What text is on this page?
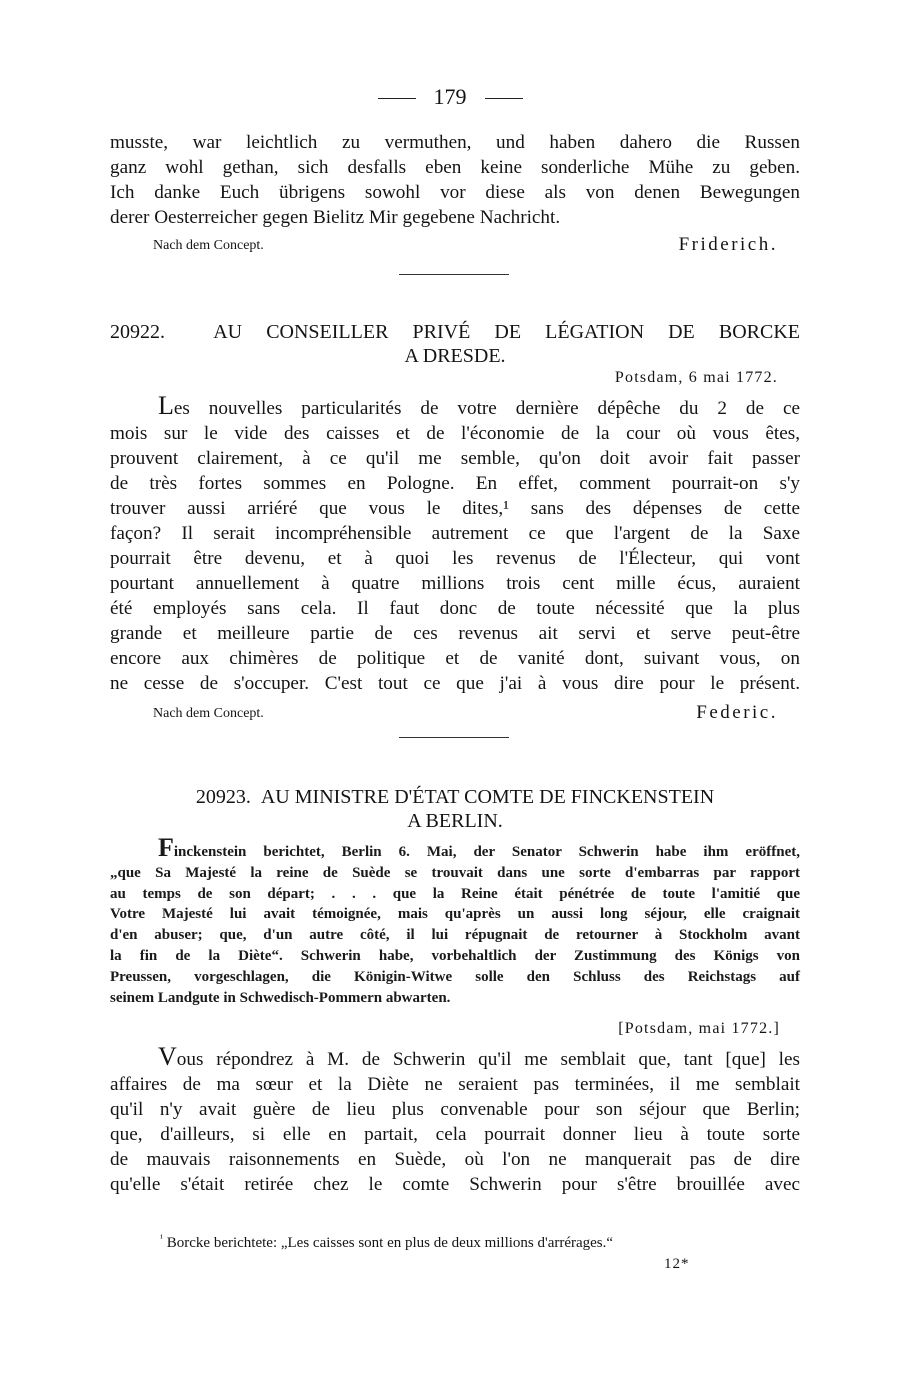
179
musste, war leichtlich zu vermuthen, und haben dahero die Russen
ganz wohl gethan, sich desfalls eben keine sonderliche Mühe zu geben.
Ich danke Euch übrigens sowohl vor diese als von denen Bewegungen
derer Oesterreicher gegen Bielitz Mir gegebene Nachricht.
Nach dem Concept.	Friderich.
20922. AU CONSEILLER PRIVÉ DE LÉGATION DE BORCKE
A DRESDE.
Potsdam, 6 mai 1772.
Les nouvelles particularités de votre dernière dépêche du 2 de ce
mois sur le vide des caisses et de l'économie de la cour où vous êtes,
prouvent clairement, à ce qu'il me semble, qu'on doit avoir fait passer
de très fortes sommes en Pologne. En effet, comment pourrait-on s'y
trouver aussi arriéré que vous le dites,¹ sans des dépenses de cette
façon? Il serait incompréhensible autrement ce que l'argent de la Saxe
pourrait être devenu, et à quoi les revenus de l'Électeur, qui vont
pourtant annuellement à quatre millions trois cent mille écus, auraient
été employés sans cela. Il faut donc de toute nécessité que la plus
grande et meilleure partie de ces revenus ait servi et serve peut-être
encore aux chimères de politique et de vanité dont, suivant vous, on
ne cesse de s'occuper. C'est tout ce que j'ai à vous dire pour le présent.
Nach dem Concept.	Federic.
20923. AU MINISTRE D'ÉTAT COMTE DE FINCKENSTEIN
A BERLIN.
Finckenstein berichtet, Berlin 6. Mai, der Senator Schwerin habe ihm eröffnet,
„que Sa Majesté la reine de Suède se trouvait dans une sorte d'embarras par rapport
au temps de son départ; . . . que la Reine était pénétrée de toute l'amitié que
Votre Majesté lui avait témoignée, mais qu'après un aussi long séjour, elle craignait
d'en abuser; que, d'un autre côté, il lui répugnait de retourner à Stockholm avant
la fin de la Diète“. Schwerin habe, vorbehaltlich der Zustimmung des Königs von
Preussen, vorgeschlagen, die Königin-Witwe solle den Schluss des Reichstags auf
seinem Landgute in Schwedisch-Pommern abwarten.
[Potsdam, mai 1772.]
Vous répondrez à M. de Schwerin qu'il me semblait que, tant [que] les
affaires de ma sœur et la Diète ne seraient pas terminées, il me semblait
qu'il n'y avait guère de lieu plus convenable pour son séjour que Berlin;
que, d'ailleurs, si elle en partait, cela pourrait donner lieu à toute sorte
de mauvais raisonnements en Suède, où l'on ne manquerait pas de dire
qu'elle s'était retirée chez le comte Schwerin pour s'être brouillée avec
$^{^1}$ Borcke berichtete: „Les caisses sont en plus de deux millions d'arrérages.“
12*
